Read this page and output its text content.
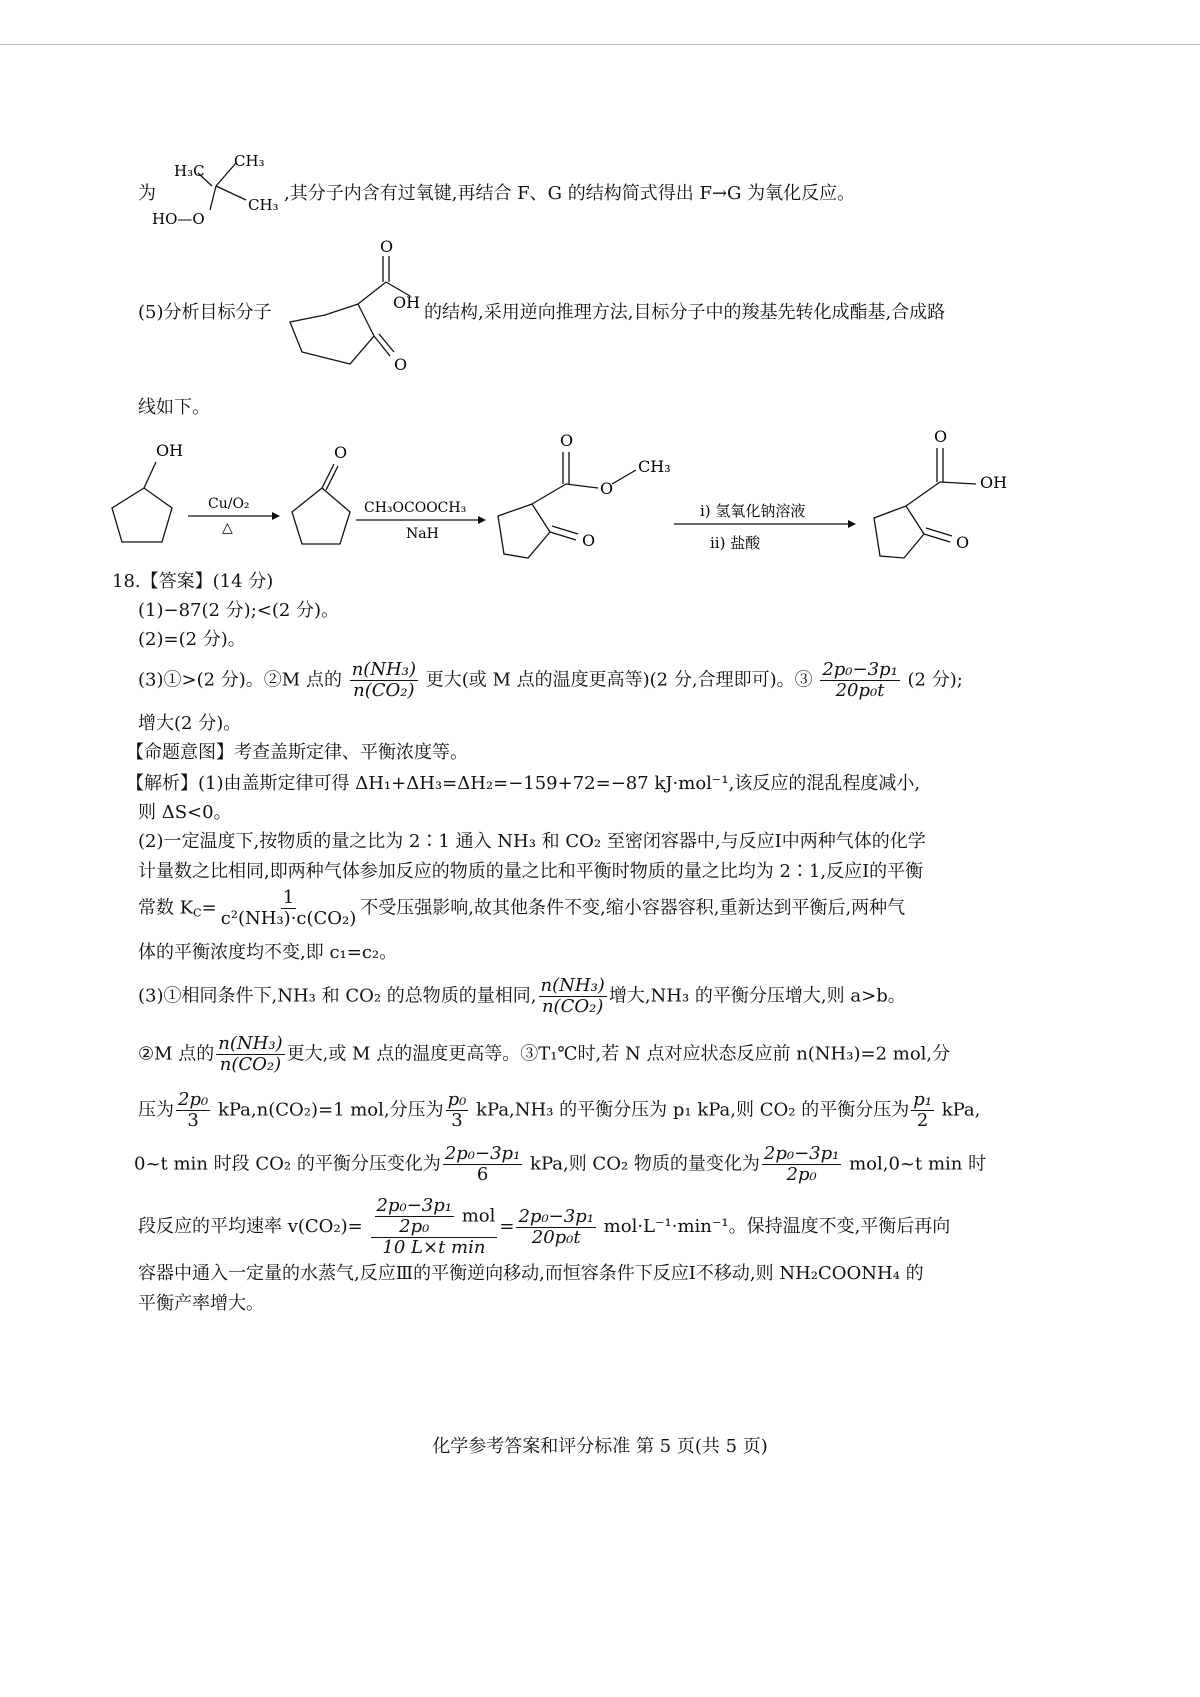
为
H₃C
CH₃
CH₃
HO—O
,其分子内含有过氧键,再结合 F、G 的结构简式得出 F→G 为氧化反应。
(5)分析目标分子
O
OH
O
的结构,采用逆向推理方法,目标分子中的羧基先转化成酯基,合成路
线如下。
OH
Cu/O₂
△
O
CH₃OCOOCH₃
NaH
O
O
CH₃
O
i) 氢氧化钠溶液
ii) 盐酸
O
OH
O
18.【答案】(14 分)
(1)−87(2 分);<(2 分)。
(2)=(2 分)。
(3)①>(2 分)。②M 点的 $\frac{\text{n(NH₃)}}{\text{n(CO₂)}}$ 更大(或 M 点的温度更高等)(2 分,合理即可)。③ $\frac{\text{2p₀−3p₁}}{\text{20p₀t}} (2$ 分);
增大(2 分)。
【命题意图】考查盖斯定律、平衡浓度等。
【解析】(1)由盖斯定律可得 ΔH₁+ΔH₃=ΔH₂=−159+72=−87 kJ·mol⁻¹,该反应的混乱程度减小,
则 ΔS<0。
(2)一定温度下,按物质的量之比为 2∶1 通入 NH₃ 和 CO₂ 至密闭容器中,与反应Ⅰ中两种气体的化学
计量数之比相同,即两种气体参加反应的物质的量之比和平衡时物质的量之比均为 2∶1,反应Ⅰ的平衡
常数 $K_C= \frac{1}{\text{c²(NH₃)·c(CO₂)}}$ 不受压强影响,故其他条件不变,缩小容器容积,重新达到平衡后,两种气
体的平衡浓度均不变,即 c₁=c₂。
(3)①相同条件下,NH₃ 和 CO₂ 的总物质的量相同, $\frac{\text{n(NH₃)}}{\text{n(CO₂)}}$ 增大,NH₃ 的平衡分压增大,则 a>b。
②M 点的 $\frac{\text{n(NH₃)}}{\text{n(CO₂)}}$ 更大,或 M 点的温度更高等。③T₁℃时,若 N 点对应状态反应前 n(NH₃)=2 mol,分
压为 $\frac{\text{2p₀}}{3} kPa,n(CO_2)=1$ mol,分压为 $\frac{\text{p₀}}{3} kPa,NH_3$ 的平衡分压为 p₁ kPa,则 CO₂ 的平衡分压为 $\frac{\text{p₁}}{2}$ kPa,
0~t min 时段 CO₂ 的平衡分压变化为 $\frac{\text{2p₀−3p₁}}{6}$ kPa,则 CO₂ 物质的量变化为 $\frac{\text{2p₀−3p₁}}{\text{2p₀}}$ mol,0~t min 时
段反应的平均速率 $v(CO_2)= \frac{\frac{\text{2p₀−3p₁}}{\text{2p₀}} mol}{\text{10 L×t min}} = \frac{\text{2p₀−3p₁}}{\text{20p₀t}} mol\cdot L^{-1}\cdot\min^{-1}$。保持温度不变,平衡后再向
容器中通入一定量的水蒸气,反应Ⅲ的平衡逆向移动,而恒容条件下反应Ⅰ不移动,则 NH₂COONH₄ 的
平衡产率增大。
化学参考答案和评分标准 第 5 页(共 5 页)
